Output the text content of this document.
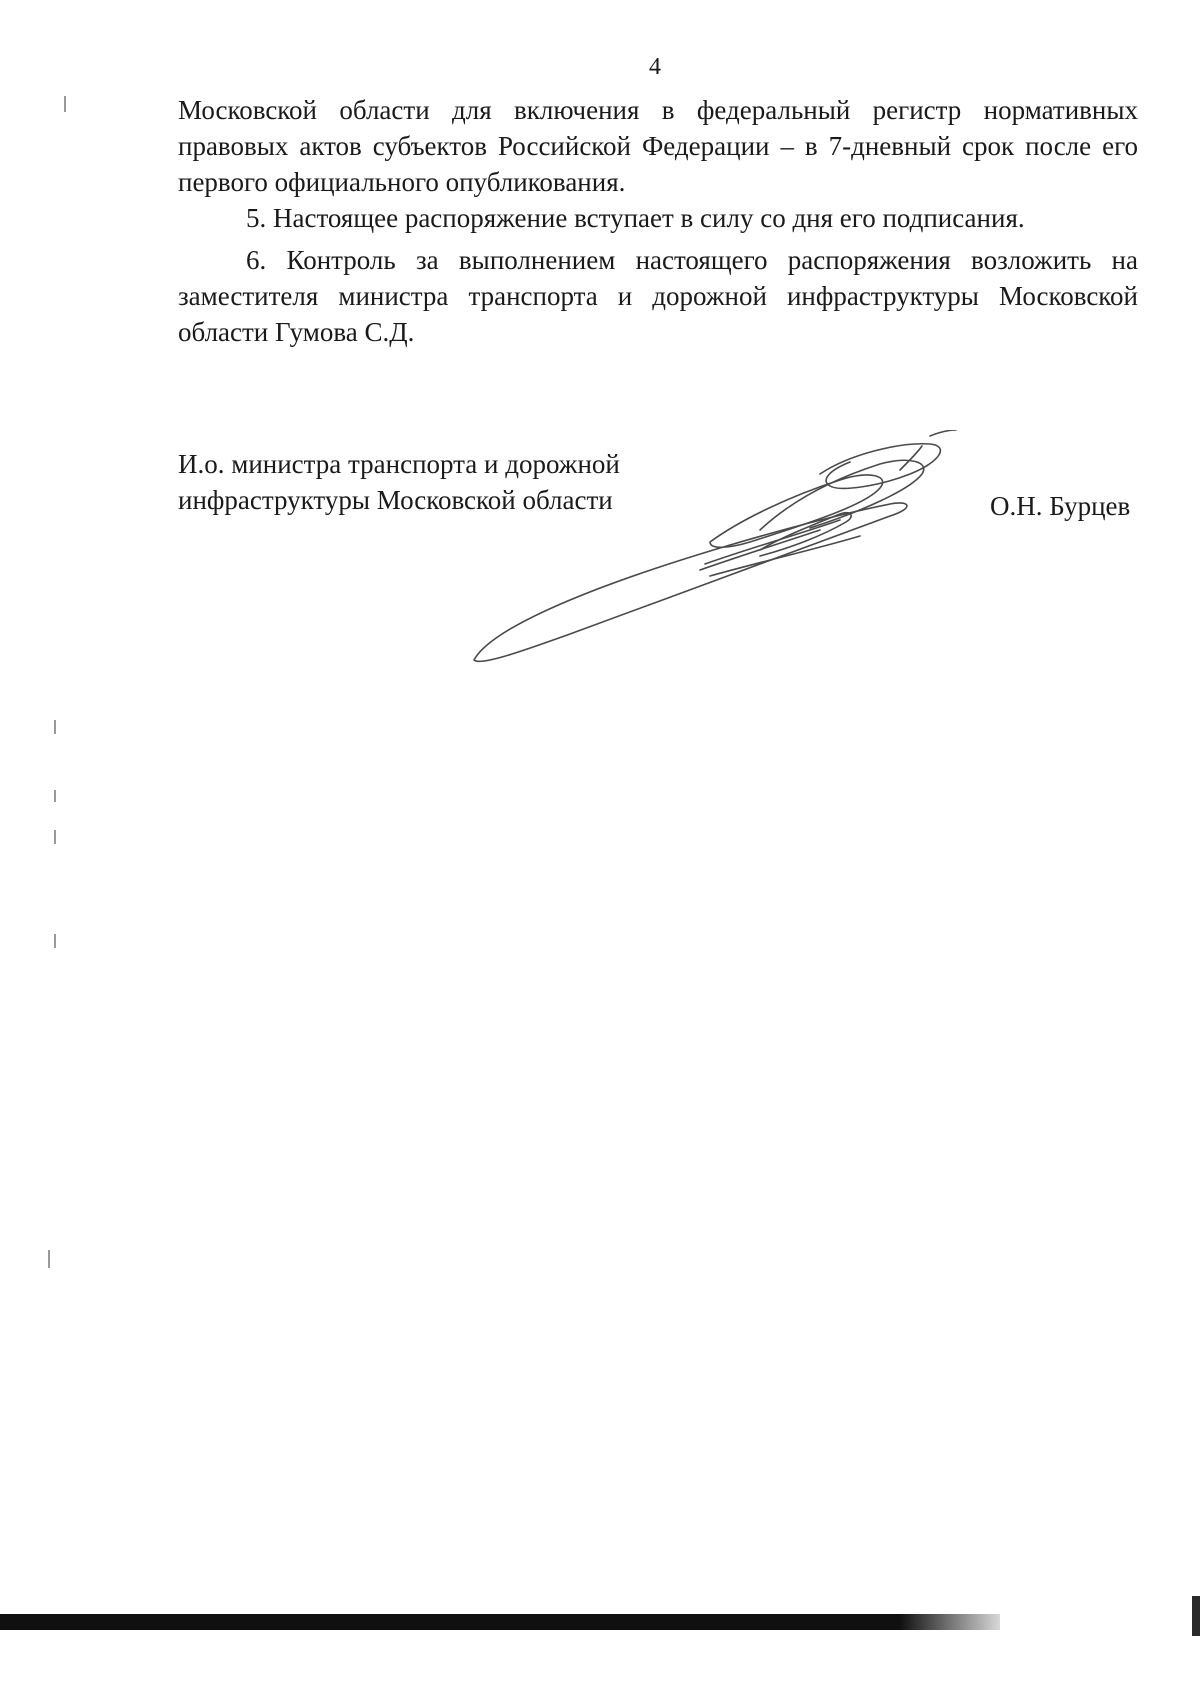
4

Московской области для включения в федеральный регистр нормативных правовых актов субъектов Российской Федерации – в 7-дневный срок после его первого официального опубликования.

5. Настоящее распоряжение вступает в силу со дня его подписания.

6. Контроль за выполнением настоящего распоряжения возложить на заместителя министра транспорта и дорожной инфраструктуры Московской области Гумова С.Д.

И.о. министра транспорта и дорожной
инфраструктуры Московской области	О.Н. Бурцев
